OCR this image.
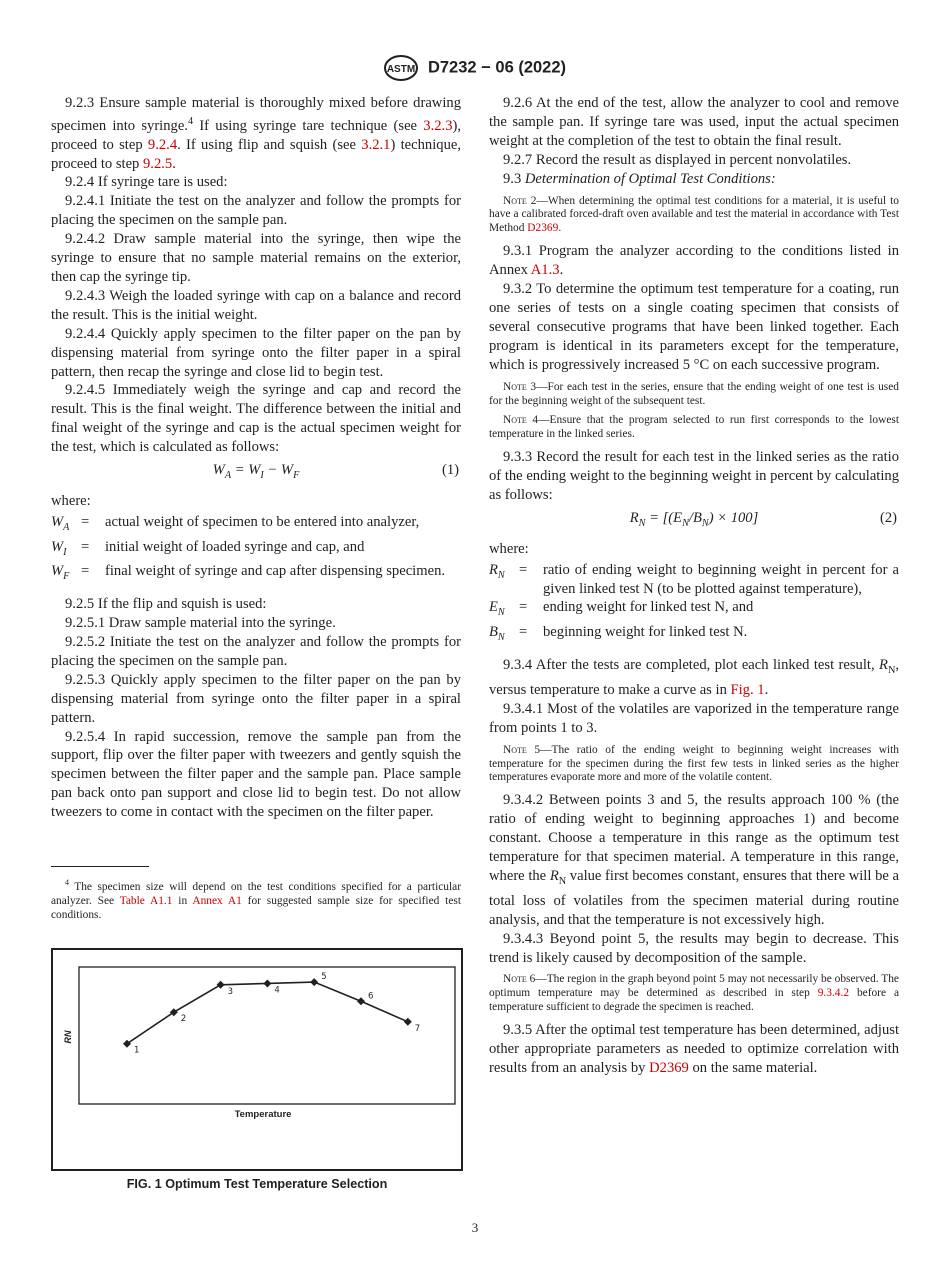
ASTM D7232 − 06 (2022)

9.2.3 Ensure sample material is thoroughly mixed before drawing specimen into syringe.$^4$ If using syringe tare technique (see 3.2.3), proceed to step 9.2.4. If using flip and squish (see 3.2.1) technique, proceed to step 9.2.5.

9.2.4 If syringe tare is used:

9.2.4.1 Initiate the test on the analyzer and follow the prompts for placing the specimen on the sample pan.

9.2.4.2 Draw sample material into the syringe, then wipe the syringe to ensure that no sample material remains on the exterior, then cap the syringe tip.

9.2.4.3 Weigh the loaded syringe with cap on a balance and record the result. This is the initial weight.

9.2.4.4 Quickly apply specimen to the filter paper on the pan by dispensing material from syringe onto the filter paper in a spiral pattern, then recap the syringe and close lid to begin test.

9.2.4.5 Immediately weigh the syringe and cap and record the result. This is the final weight. The difference between the initial and final weight of the syringe and cap is the actual specimen weight for the test, which is calculated as follows:

$W_A = W_I - W_F$	(1)
where:
$W_A$ =	actual weight of specimen to be entered into analyzer,
$W_I$ =	initial weight of loaded syringe and cap, and
$W_F$ =	final weight of syringe and cap after dispensing specimen.

9.2.5 If the flip and squish is used:

9.2.5.1 Draw sample material into the syringe.

9.2.5.2 Initiate the test on the analyzer and follow the prompts for placing the specimen on the sample pan.

9.2.5.3 Quickly apply specimen to the filter paper on the pan by dispensing material from syringe onto the filter paper in a spiral pattern.

9.2.5.4 In rapid succession, remove the sample pan from the support, flip over the filter paper with tweezers and gently squish the specimen between the filter paper and the sample pan. Place sample pan back onto pan support and close lid to begin test. Do not allow tweezers to come in contact with the specimen on the filter paper.

9.2.6 At the end of the test, allow the analyzer to cool and remove the sample pan. If syringe tare was used, input the actual specimen weight at the completion of the test to obtain the final result.

9.2.7 Record the result as displayed in percent nonvolatiles.

9.3 Determination of Optimal Test Conditions:

Note 2—When determining the optimal test conditions for a material, it is useful to have a calibrated forced-draft oven available and test the material in accordance with Test Method D2369.

9.3.1 Program the analyzer according to the conditions listed in Annex A1.3.

9.3.2 To determine the optimum test temperature for a coating, run one series of tests on a single coating specimen that consists of several consecutive programs that have been linked together. Each program is identical in its parameters except for the temperature, which is progressively increased 5 °C on each successive program.

Note 3—For each test in the series, ensure that the ending weight of one test is used for the beginning weight of the subsequent test.

Note 4—Ensure that the program selected to run first corresponds to the lowest temperature in the linked series.

9.3.3 Record the result for each test in the linked series as the ratio of the ending weight to the beginning weight in percent by calculating as follows:

$R_N = [(E_N/B_N) \times 100]$	(2)
where:
$R_N$ =	ratio of ending weight to beginning weight in percent for a given linked test N (to be plotted against temperature),
$E_N$ =	ending weight for linked test N, and
$B_N$ =	beginning weight for linked test N.

9.3.4 After the tests are completed, plot each linked test result, $R_N$, versus temperature to make a curve as in Fig. 1.

9.3.4.1 Most of the volatiles are vaporized in the temperature range from points 1 to 3.

Note 5—The ratio of the ending weight to beginning weight increases with temperature for the specimen during the first few tests in linked series as the higher temperatures evaporate more and more of the volatile content.

9.3.4.2 Between points 3 and 5, the results approach 100 % (the ratio of ending weight to beginning approaches 1) and become constant. Choose a temperature in this range as the optimum test temperature for that specimen material. A temperature in this range, where the $R_N$ value first becomes constant, ensures that there will be a total loss of volatiles from the specimen material during routine analysis, and that the temperature is not excessively high.

9.3.4.3 Beyond point 5, the results may begin to decrease. This trend is likely caused by decomposition of the sample.

Note 6—The region in the graph beyond point 5 may not necessarily be observed. The optimum temperature may be determined as described in step 9.3.4.2 before a temperature sufficient to degrade the specimen is reached.

9.3.5 After the optimal test temperature has been determined, adjust other appropriate parameters as needed to optimize correlation with results from an analysis by D2369 on the same material.

$^4$ The specimen size will depend on the test conditions specified for a particular analyzer. See Table A1.1 in Annex A1 for suggested sample size for specified test conditions.
RN
Temperature
1
2
3	4
5
6
7
FIG. 1 Optimum Test Temperature Selection
3
